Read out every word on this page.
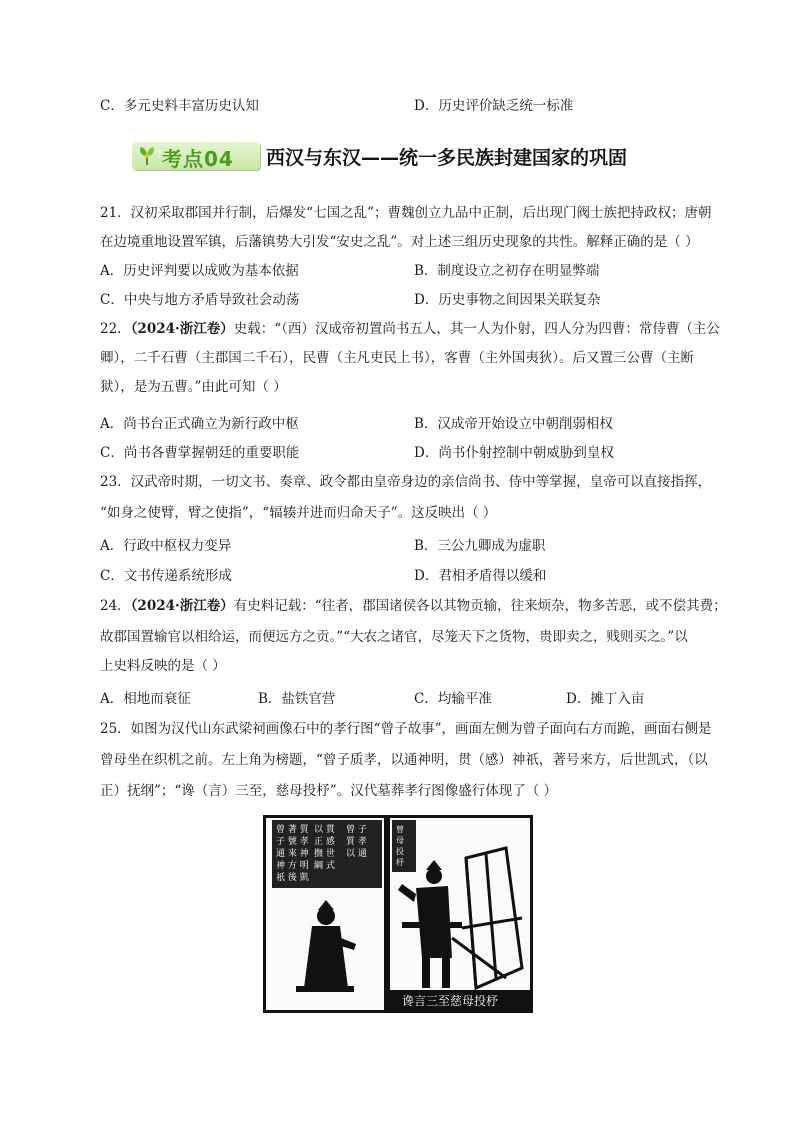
C．多元史料丰富历史认知	D．历史评价缺乏统一标准
考点04 西汉与东汉——统一多民族封建国家的巩固
21．汉初采取郡国并行制，后爆发“七国之乱”；曹魏创立九品中正制，后出现门阀士族把持政权；唐朝
在边境重地设置军镇，后藩镇势大引发“安史之乱”。对上述三组历史现象的共性。解释正确的是（ ）
A．历史评判要以成败为基本依据	B．制度设立之初存在明显弊端
C．中央与地方矛盾导致社会动荡	D．历史事物之间因果关联复杂
22．（2024·浙江卷）史载：“（西）汉成帝初置尚书五人，其一人为仆射，四人分为四曹：常侍曹（主公
卿），二千石曹（主郡国二千石），民曹（主凡吏民上书），客曹（主外国夷狄）。后又置三公曹（主断
狱），是为五曹。”由此可知（ ）
A．尚书台正式确立为新行政中枢	B．汉成帝开始设立中朝削弱相权
C．尚书各曹掌握朝廷的重要职能	D．尚书仆射控制中朝威胁到皇权
23．汉武帝时期，一切文书、奏章、政令都由皇帝身边的亲信尚书、侍中等掌握，皇帝可以直接指挥，
“如身之使臂，臂之使指”，“辐辏并进而归命天子”。这反映出（ ）
A．行政中枢权力变异	B．三公九卿成为虚职
C．文书传递系统形成	D．君相矛盾得以缓和
24．（2024·浙江卷）有史料记载：“往者，郡国诸侯各以其物贡输，往来烦杂，物多苦恶，或不偿其费；
故郡国置输官以相给运，而便远方之贡。”“大农之诸官，尽笼天下之货物，贵即卖之，贱则买之。”以
上史料反映的是（ ）
A．相地而衰征	B．盐铁官营	C．均输平准	D．摊丁入亩
25．如图为汉代山东武梁祠画像石中的孝行图“曾子故事”，画面左侧为曾子面向右方而跪，画面右侧是
曾母坐在织机之前。左上角为榜题，“曾子质孝，以通神明，贯（感）神祇，著号来方，后世凯式，（以
正）抚纲”；“谗（言）三至，慈母投杼”。汉代墓葬孝行图像盛行体现了（ ）
曾 著 質
子 號 孝
通 來 神
神 方 明
祇 後 凱
以 貫
正 感
撫 世
綱 式
曾 子
質 孝
以 通
曾
母
投
杼
谗言三至慈母投杼
